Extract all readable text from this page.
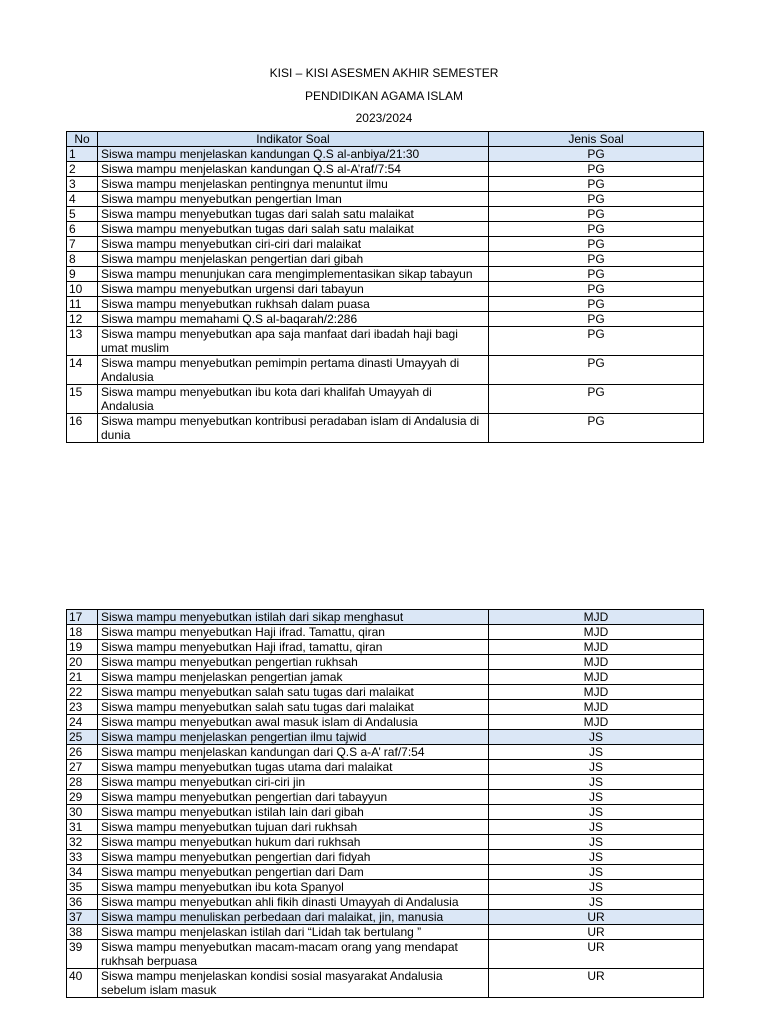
KISI – KISI ASESMEN AKHIR SEMESTER
PENDIDIKAN AGAMA ISLAM
2023/2024
No	Indikator Soal	Jenis Soal
1	Siswa mampu menjelaskan kandungan Q.S al-anbiya/21:30	PG
2	Siswa mampu menjelaskan kandungan Q.S al-A’raf/7:54	PG
3	Siswa mampu menjelaskan pentingnya menuntut ilmu	PG
4	Siswa mampu menyebutkan pengertian Iman	PG
5	Siswa mampu menyebutkan tugas dari salah satu malaikat	PG
6	Siswa mampu menyebutkan tugas dari salah satu malaikat	PG
7	Siswa mampu menyebutkan ciri-ciri dari malaikat	PG
8	Siswa mampu menjelaskan pengertian dari gibah	PG
9	Siswa mampu menunjukan cara mengimplementasikan sikap tabayun	PG
10	Siswa mampu menyebutkan urgensi dari tabayun	PG
11	Siswa mampu menyebutkan rukhsah dalam puasa	PG
12	Siswa mampu memahami Q.S al-baqarah/2:286	PG
13	Siswa mampu menyebutkan apa saja manfaat dari ibadah haji bagi umat muslim	PG
14	Siswa mampu menyebutkan pemimpin pertama dinasti Umayyah di Andalusia	PG
15	Siswa mampu menyebutkan ibu kota dari khalifah Umayyah di Andalusia	PG
16	Siswa mampu menyebutkan kontribusi peradaban islam di Andalusia di dunia	PG
17	Siswa mampu menyebutkan istilah dari sikap menghasut	MJD
18	Siswa mampu menyebutkan Haji ifrad. Tamattu, qiran	MJD
19	Siswa mampu menyebutkan Haji ifrad, tamattu, qiran	MJD
20	Siswa mampu menyebutkan pengertian rukhsah	MJD
21	Siswa mampu menjelaskan pengertian jamak	MJD
22	Siswa mampu menyebutkan salah satu tugas dari malaikat	MJD
23	Siswa mampu menyebutkan salah satu tugas dari malaikat	MJD
24	Siswa mampu menyebutkan awal masuk islam di Andalusia	MJD
25	Siswa mampu menjelaskan pengertian ilmu tajwid	JS
26	Siswa mampu menjelaskan kandungan dari Q.S a-A’ raf/7:54	JS
27	Siswa mampu menyebutkan tugas utama dari malaikat	JS
28	Siswa mampu menyebutkan ciri-ciri jin	JS
29	Siswa mampu menyebutkan pengertian dari tabayyun	JS
30	Siswa mampu menyebutkan istilah lain dari gibah	JS
31	Siswa mampu menyebutkan tujuan dari rukhsah	JS
32	Siswa mampu menyebutkan hukum dari rukhsah	JS
33	Siswa mampu menyebutkan pengertian dari fidyah	JS
34	Siswa mampu menyebutkan pengertian dari Dam	JS
35	Siswa mampu menyebutkan ibu kota Spanyol	JS
36	Siswa mampu menyebutkan ahli fikih dinasti Umayyah di Andalusia	JS
37	Siswa mampu menuliskan perbedaan dari malaikat, jin, manusia	UR
38	Siswa mampu menjelaskan istilah dari “Lidah tak bertulang ”	UR
39	Siswa mampu menyebutkan macam-macam orang yang mendapat rukhsah berpuasa	UR
40	Siswa mampu menjelaskan kondisi sosial masyarakat Andalusia sebelum islam masuk	UR
